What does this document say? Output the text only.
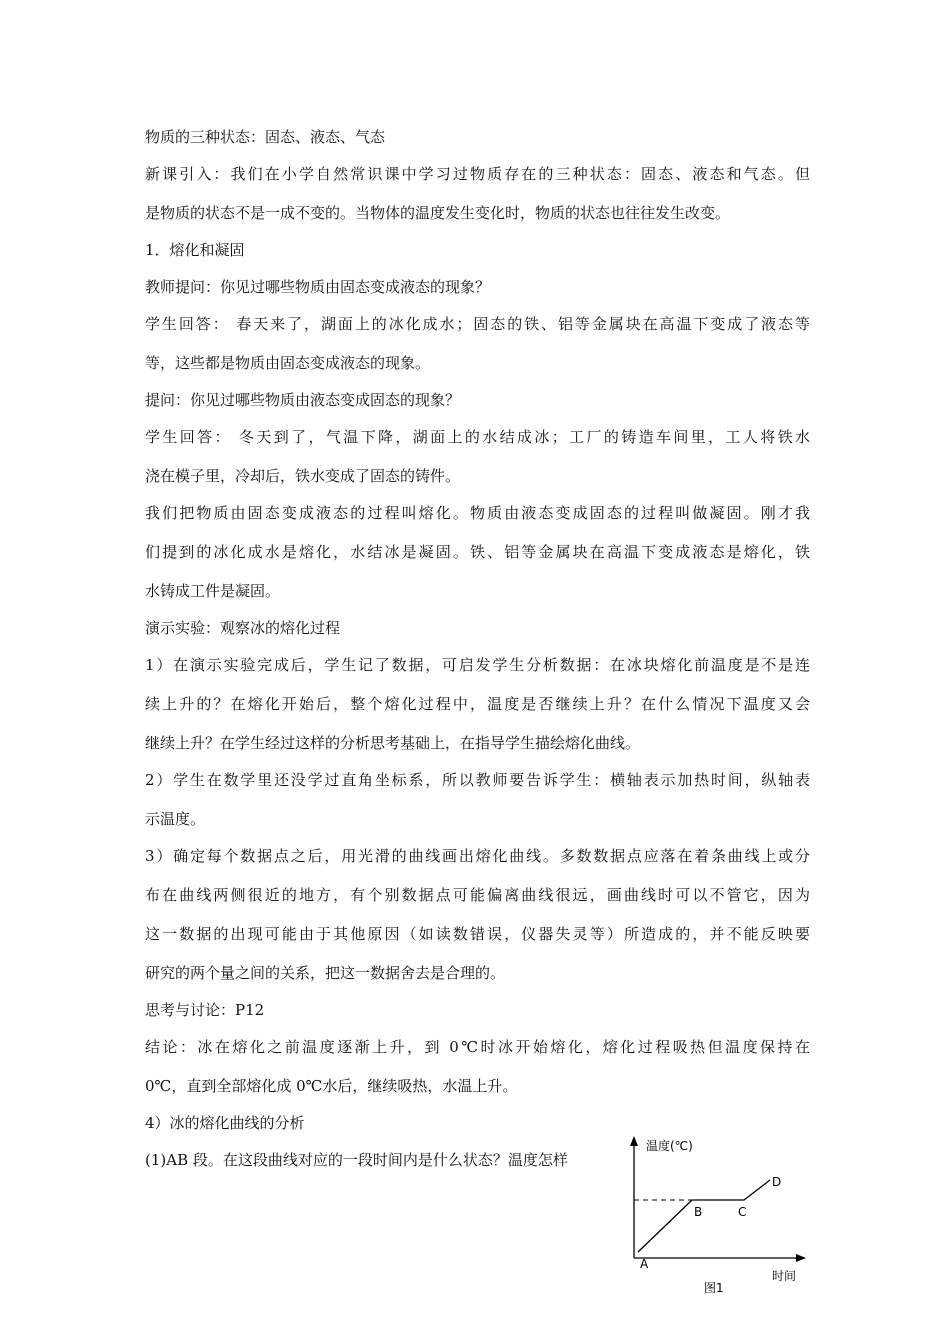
物质的三种状态：固态、液态、气态
新课引入：我们在小学自然常识课中学习过物质存在的三种状态：固态、液态和气态。但
是物质的状态不是一成不变的。当物体的温度发生变化时，物质的状态也往往发生改变。
1．熔化和凝固
教师提问：你见过哪些物质由固态变成液态的现象？
学生回答： 春天来了，湖面上的冰化成水；固态的铁、铝等金属块在高温下变成了液态等
等，这些都是物质由固态变成液态的现象。
提问：你见过哪些物质由液态变成固态的现象？
学生回答： 冬天到了，气温下降，湖面上的水结成冰；工厂的铸造车间里，工人将铁水
浇在模子里，冷却后，铁水变成了固态的铸件。
我们把物质由固态变成液态的过程叫熔化。物质由液态变成固态的过程叫做凝固。刚才我
们提到的冰化成水是熔化，水结冰是凝固。铁、铝等金属块在高温下变成液态是熔化，铁
水铸成工件是凝固。
演示实验：观察冰的熔化过程
1）在演示实验完成后，学生记了数据，可启发学生分析数据：在冰块熔化前温度是不是连
续上升的？在熔化开始后，整个熔化过程中，温度是否继续上升？在什么情况下温度又会
继续上升？在学生经过这样的分析思考基础上，在指导学生描绘熔化曲线。
2）学生在数学里还没学过直角坐标系，所以教师要告诉学生：横轴表示加热时间，纵轴表
示温度。
3）确定每个数据点之后，用光滑的曲线画出熔化曲线。多数数据点应落在着条曲线上或分
布在曲线两侧很近的地方，有个别数据点可能偏离曲线很远，画曲线时可以不管它，因为
这一数据的出现可能由于其他原因（如读数错误，仪器失灵等）所造成的，并不能反映要
研究的两个量之间的关系，把这一数据舍去是合理的。
思考与讨论：P12
结论：冰在熔化之前温度逐渐上升，到 0℃时冰开始熔化，熔化过程吸热但温度保持在
0℃，直到全部熔化成 0℃水后，继续吸热，水温上升。
4）冰的熔化曲线的分析
(1)AB 段。在这段曲线对应的一段时间内是什么状态？温度怎样
温度(℃)
A
B	C
D
时间
图1
